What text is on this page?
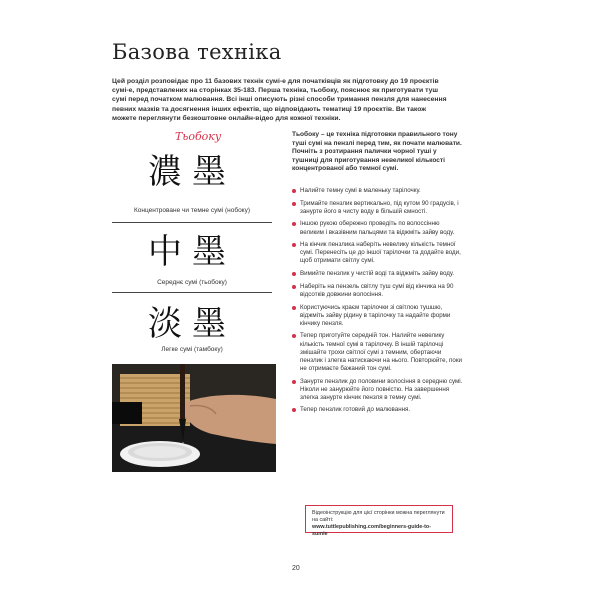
Базова техніка
Цей розділ розповідає про 11 базових технік сумі-е для початківців як підготовку до 19 проєктів сумі-е, представлених на сторінках 35-183. Перша техніка, тьобоку, пояснює як приготувати туш сумі перед початком малювання. Всі інші описують різні способи тримання пензля для нанесення певних мазків та досягнення інших ефектів, що відповідають тематиці 19 проєктів. Ви також можете переглянути безкоштовне онлайн-відео для кожної техніки.
Тьобоку
濃墨
Концентроване чи темне сумі (нобоку)
中墨
Середнє сумі (тьобоку)
淡墨
Легке сумі (тамбоку)
Тьобоку – це техніка підготовки правильного тону туші сумі на пензлі перед тим, як почати малювати. Почніть з розтирання палички чорної туші у тушниці для приготування невеликої кількості концентрованої або темної сумі.
Налийте темну сумі в маленьку тарілочку.
Тримайте пензлик вертикально, під кутом 90 градусів, і занурте його в чисту воду в більшій ємності.
Іншою рукою обережно проведіть по волоссінню великим і вказівним пальцями та віджміть зайву воду.
На кінчик пензлика наберіть невелику кількість темної сумі. Перенесіть це до іншої тарілочки та додайте води, щоб отримати світлу сумі.
Вимийте пензлик у чистій воді та віджміть зайву воду.
Наберіть на пензель світлу туш сумі від кінчика на 90 відсотків довжини волосіння.
Користуючись краєм тарілочки зі світлою тушшю, віджміть зайву рідину в тарілочку та надайте форми кінчику пензля.
Тепер приготуйте середній тон. Налийте невелику кількість темної сумі в тарілочку. В іншій тарілочці змішайте трохи світлої сумі з темним, обертаючи пензлик і злегка натискаючи на нього. Повторюйте, поки не отримаєте бажаний тон сумі.
Занурте пензлик до половини волосіння в середню сумі. Ніколи не занурюйте його повністю. На завершення злегка занурте кінчик пензля в темну сумі.
Тепер пензлик готовий до малювання.
Відеоінструкцію для цієї сторінки можна переглянути на сайті:
www.tuttlepublishing.com/beginners-guide-to-sumie
20
